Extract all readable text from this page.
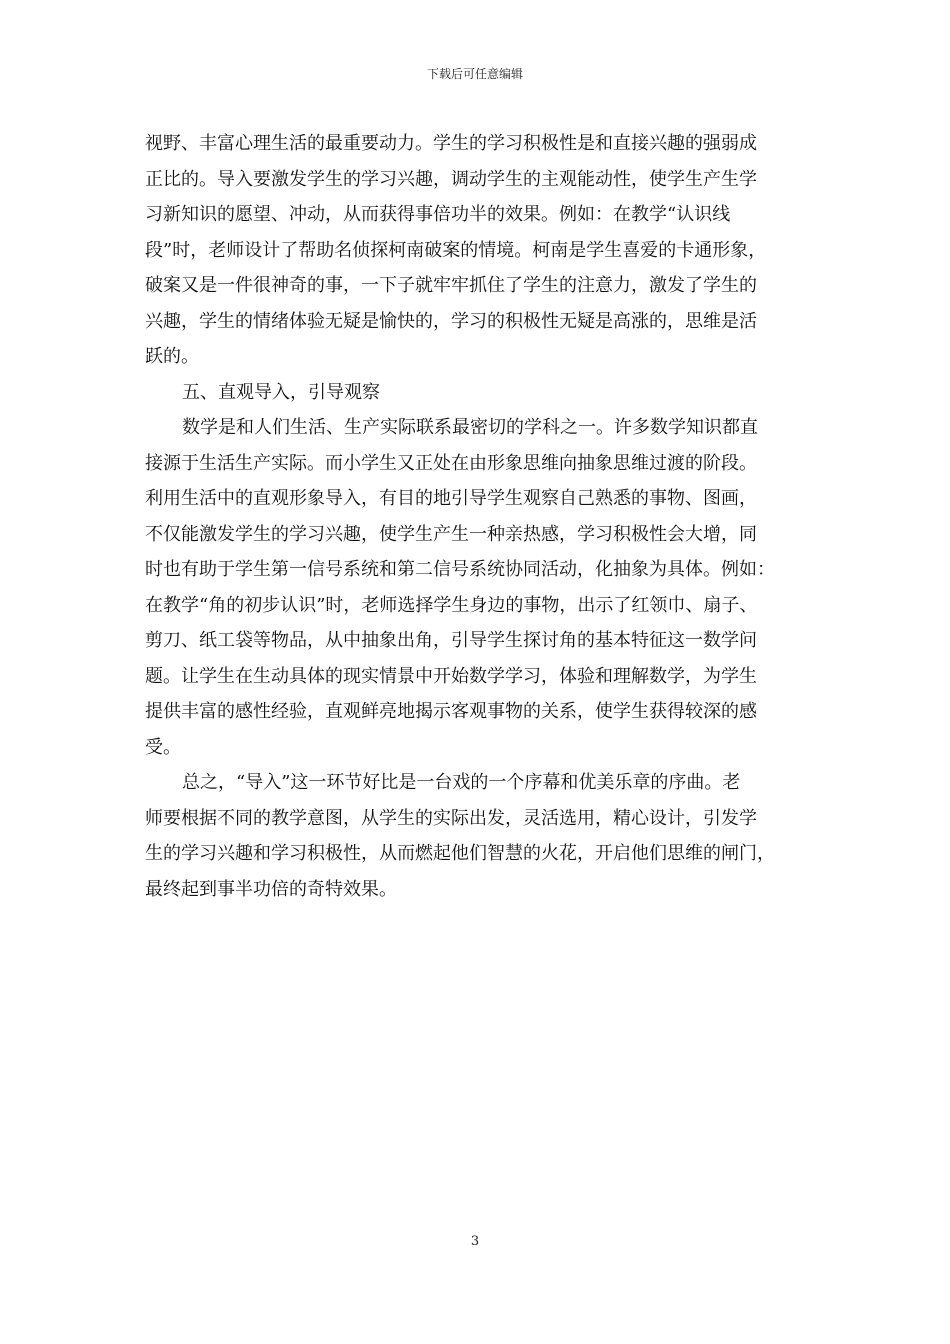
下载后可任意编辑
视野、丰富心理生活的最重要动力。学生的学习积极性是和直接兴趣的强弱成
正比的。导入要激发学生的学习兴趣，调动学生的主观能动性，使学生产生学
习新知识的愿望、冲动，从而获得事倍功半的效果。例如：在教学“认识线
段”时，老师设计了帮助名侦探柯南破案的情境。柯南是学生喜爱的卡通形象，
破案又是一件很神奇的事，一下子就牢牢抓住了学生的注意力，激发了学生的
兴趣，学生的情绪体验无疑是愉快的，学习的积极性无疑是高涨的，思维是活
跃的。
五、直观导入，引导观察
数学是和人们生活、生产实际联系最密切的学科之一。许多数学知识都直
接源于生活生产实际。而小学生又正处在由形象思维向抽象思维过渡的阶段。
利用生活中的直观形象导入，有目的地引导学生观察自己熟悉的事物、图画，
不仅能激发学生的学习兴趣，使学生产生一种亲热感，学习积极性会大增，同
时也有助于学生第一信号系统和第二信号系统协同活动，化抽象为具体。例如：
在教学“角的初步认识”时，老师选择学生身边的事物，出示了红领巾、扇子、
剪刀、纸工袋等物品，从中抽象出角，引导学生探讨角的基本特征这一数学问
题。让学生在生动具体的现实情景中开始数学学习，体验和理解数学，为学生
提供丰富的感性经验，直观鲜亮地揭示客观事物的关系，使学生获得较深的感
受。
总之，“导入”这一环节好比是一台戏的一个序幕和优美乐章的序曲。老
师要根据不同的教学意图，从学生的实际出发，灵活选用，精心设计，引发学
生的学习兴趣和学习积极性，从而燃起他们智慧的火花，开启他们思维的闸门，
最终起到事半功倍的奇特效果。
3
